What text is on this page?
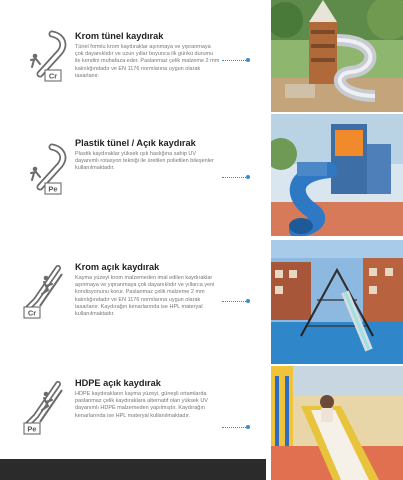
Cr
Krom tünel kaydırak
Tünel formlu krom kaydıraklar aşınmaya ve yıpranmaya çok dayanıklıdır ve uzun yıllar boyunca ilk günkü durumu ile kendini muhafaza eder. Paslanmaz çelik malzeme 2 mm kalınlığındadır ve EN 1176 normlarına uygun olarak tasarlanır.
Pe
Plastik tünel / Açık kaydırak
Plastik kaydıraklar yüksek ışık haslığına sahip UV dayanımlı rotasyon tekniği ile üretilen polietilen bileşenler kullanılmaktadır.
Cr
Krom açık kaydırak
Kayma yüzeyi krom malzemeden imal edilen kaydıraklar aşınmaya ve yıpranmaya çok dayanıklıdır ve yıllarca yeni kondisyonunu korur. Paslanmaz çelik malzeme 2 mm kalınlığındadır ve EN 1176 normlarına uygun olarak tasarlanır. Kaydırağın kenarlarında ise HPL materyal kullanılmaktadır.
Pe
HDPE açık kaydırak
HDPE kaydırakların kayma yüzeyi, güneşli ortamlarda paslanmaz çelik kaydıraklara alternatif olan yüksek UV dayanımlı HDPE malzemeden yapılmıştır. Kaydırağın kenarlarında ise HPL materyal kullanılmaktadır.
